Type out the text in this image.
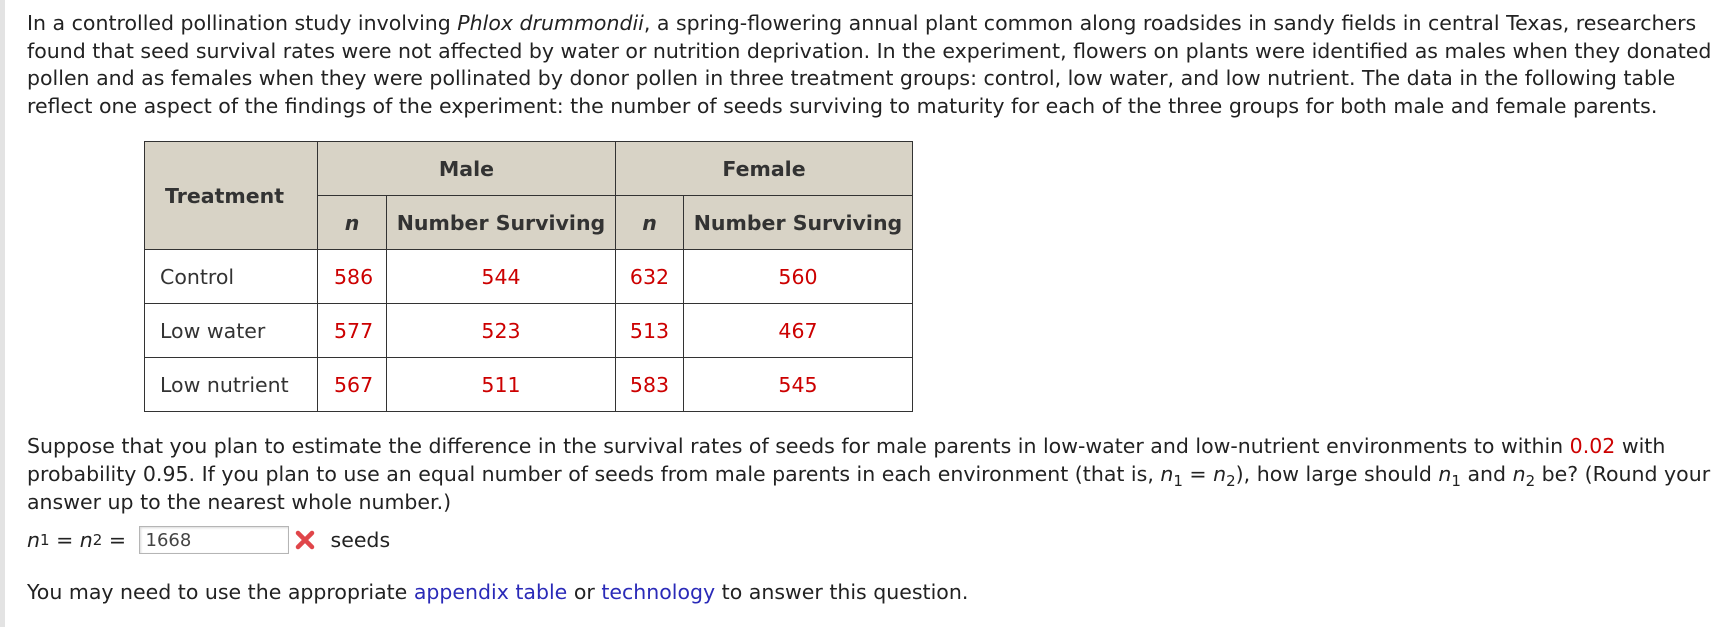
In a controlled pollination study involving Phlox drummondii, a spring-flowering annual plant common along roadsides in sandy fields in central Texas, researchers found that seed survival rates were not affected by water or nutrition deprivation. In the experiment, flowers on plants were identified as males when they donated pollen and as females when they were pollinated by donor pollen in three treatment groups: control, low water, and low nutrient. The data in the following table reflect one aspect of the findings of the experiment: the number of seeds surviving to maturity for each of the three groups for both male and female parents.

Treatment	Male		Female	
	n	Number Surviving	n	Number Surviving
Control	586	544	632	560
Low water	577	523	513	467
Low nutrient	567	511	583	545

Suppose that you plan to estimate the difference in the survival rates of seeds for male parents in low-water and low-nutrient environments to within 0.02 with probability 0.95. If you plan to use an equal number of seeds from male parents in each environment (that is, $n_1 = n_2$), how large should $n_1$ and $n_2$ be? (Round your answer up to the nearest whole number.)

n 1 = n 2 =
1668	seeds

You may need to use the appropriate appendix table or technology to answer this question.
